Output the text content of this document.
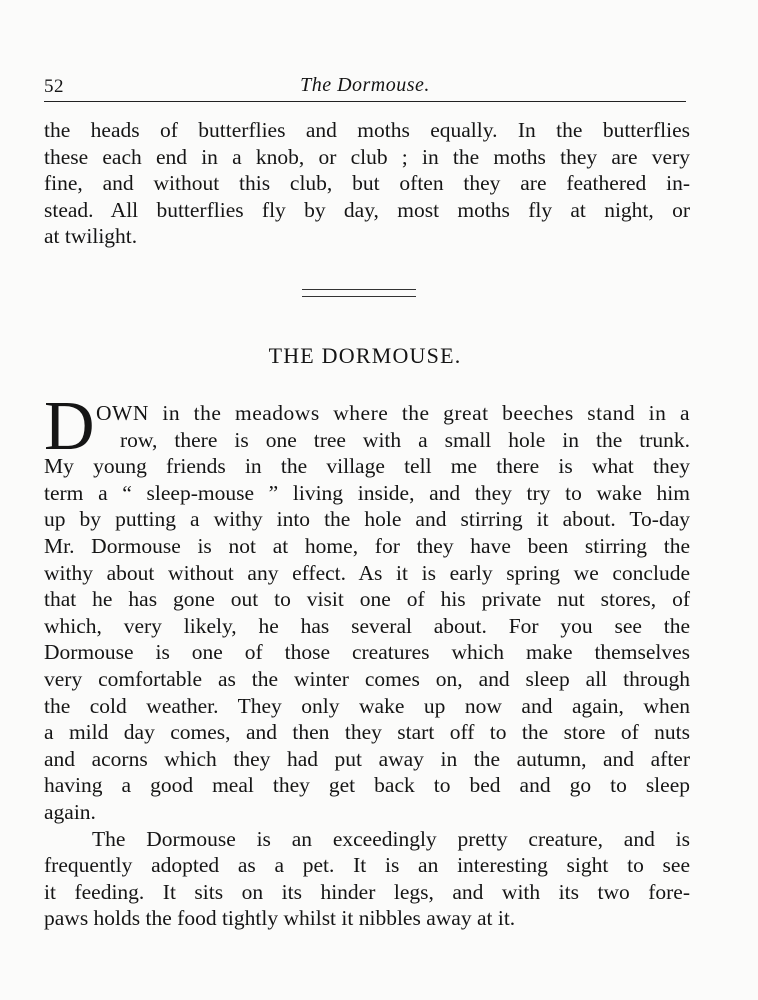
52	The Dormouse.
the heads of butterflies and moths equally. In the butterflies
these each end in a knob, or club ; in the moths they are very
fine, and without this club, but often they are feathered in-
stead. All butterflies fly by day, most moths fly at night, or
at twilight.
THE DORMOUSE.
D OWN in the meadows where the great beeches stand in a
row, there is one tree with a small hole in the trunk.
My young friends in the village tell me there is what they
term a “ sleep-mouse ” living inside, and they try to wake him
up by putting a withy into the hole and stirring it about. To-day
Mr. Dormouse is not at home, for they have been stirring the
withy about without any effect. As it is early spring we conclude
that he has gone out to visit one of his private nut stores, of
which, very likely, he has several about. For you see the
Dormouse is one of those creatures which make themselves
very comfortable as the winter comes on, and sleep all through
the cold weather. They only wake up now and again, when
a mild day comes, and then they start off to the store of nuts
and acorns which they had put away in the autumn, and after
having a good meal they get back to bed and go to sleep
again.
The Dormouse is an exceedingly pretty creature, and is
frequently adopted as a pet. It is an interesting sight to see
it feeding. It sits on its hinder legs, and with its two fore-
paws holds the food tightly whilst it nibbles away at it.
